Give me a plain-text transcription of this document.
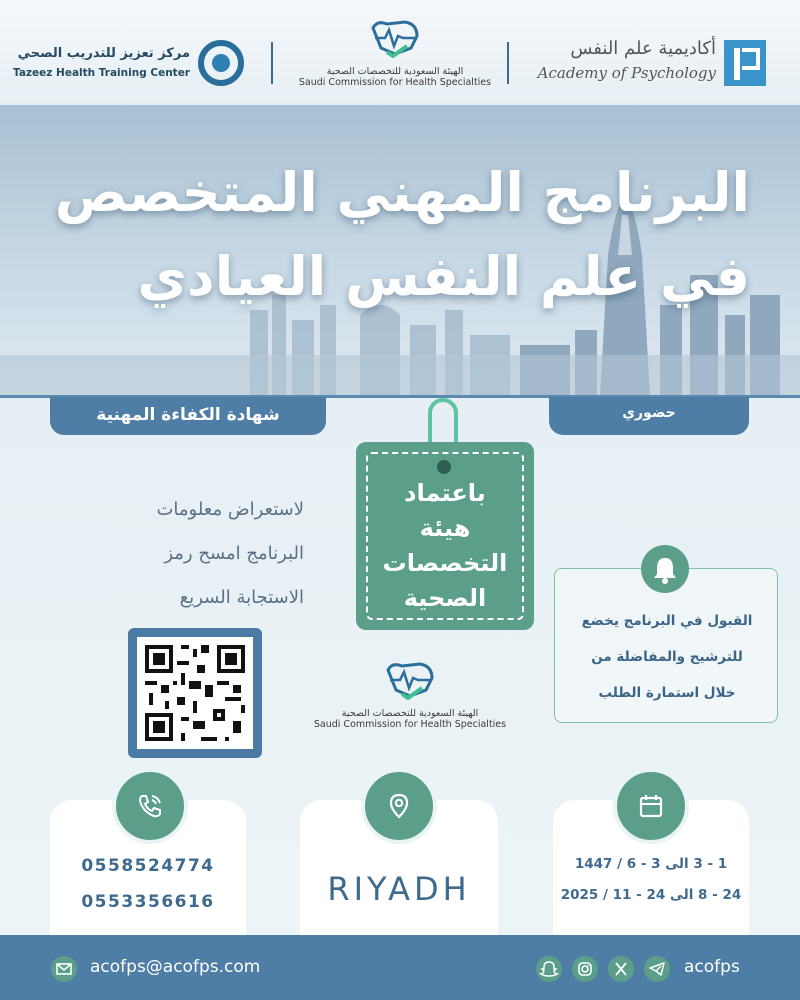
مركز تعزيز للتدريب الصحي
Tazeez Health Training Center	الهيئة السعودية للتخصصات الصحية
Saudi Commission for Health Specialties
أكاديمية علم النفس
Academy of Psychology
البرنامج المهني المتخصص
في علم النفس العيادي
شهادة الكفاءة المهنية	حضوري
باعتماد
هيئة
التخصصات
الصحية
لاستعراض معلومات
البرنامج امسح رمز
الاستجابة السريع
الهيئة السعودية للتخصصات الصحية
Saudi Commission for Health Specialties
القبول في البرنامج يخضع
للترشيح والمفاضلة من
خلال استمارة الطلب
0558524774
0553356616	RIYADH
1 - 3 الى 3 - 6 / 1447
24 - 8 الى 24 - 11 / 2025
acofps@acofps.com	acofps
